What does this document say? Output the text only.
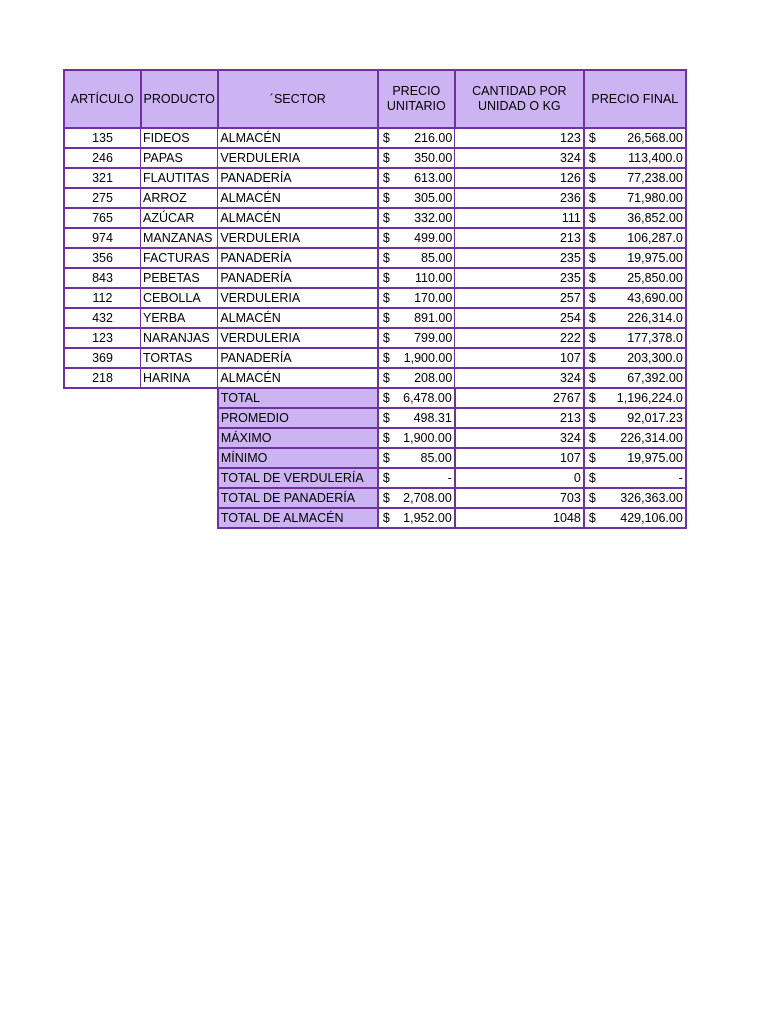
ARTÍCULO	PRODUCTO	´SECTOR	PRECIO UNITARIO	CANTIDAD POR UNIDAD O KG	PRECIO FINAL
135	FIDEOS	ALMACÉN	$ 216.00	123	$ 26,568.00

246	PAPAS	VERDULERIA	$ 350.00	324	$ 113,400.0

321	FLAUTITAS	PANADERÍA	$ 613.00	126	$ 77,238.00

275	ARROZ	ALMACÉN	$ 305.00	236	$ 71,980.00

765	AZÚCAR	ALMACÉN	$ 332.00	111	$ 36,852.00

974	MANZANAS	VERDULERIA	$ 499.00	213	$ 106,287.0

356	FACTURAS	PANADERÍA	$ 85.00	235	$ 19,975.00

843	PEBETAS	PANADERÍA	$ 110.00	235	$ 25,850.00

112	CEBOLLA	VERDULERIA	$ 170.00	257	$ 43,690.00

432	YERBA	ALMACÉN	$ 891.00	254	$ 226,314.0

123	NARANJAS	VERDULERIA	$ 799.00	222	$ 177,378.0

369	TORTAS	PANADERÍA	$ 1,900.00	107	$ 203,300.0

218	HARINA	ALMACÉN	$ 208.00	324	$ 67,392.00

		TOTAL	$ 6,478.00	2767	$ 1,196,224.0

		PROMEDIO	$ 498.31	213	$ 92,017.23

		MÁXIMO	$ 1,900.00	324	$ 226,314.00

		MÍNIMO	$ 85.00	107	$ 19,975.00

		TOTAL DE VERDULERÍA	$ -	0	$ -

		TOTAL DE PANADERÍA	$ 2,708.00	703	$ 326,363.00

		TOTAL DE ALMACÉN	$ 1,952.00	1048	$ 429,106.00
